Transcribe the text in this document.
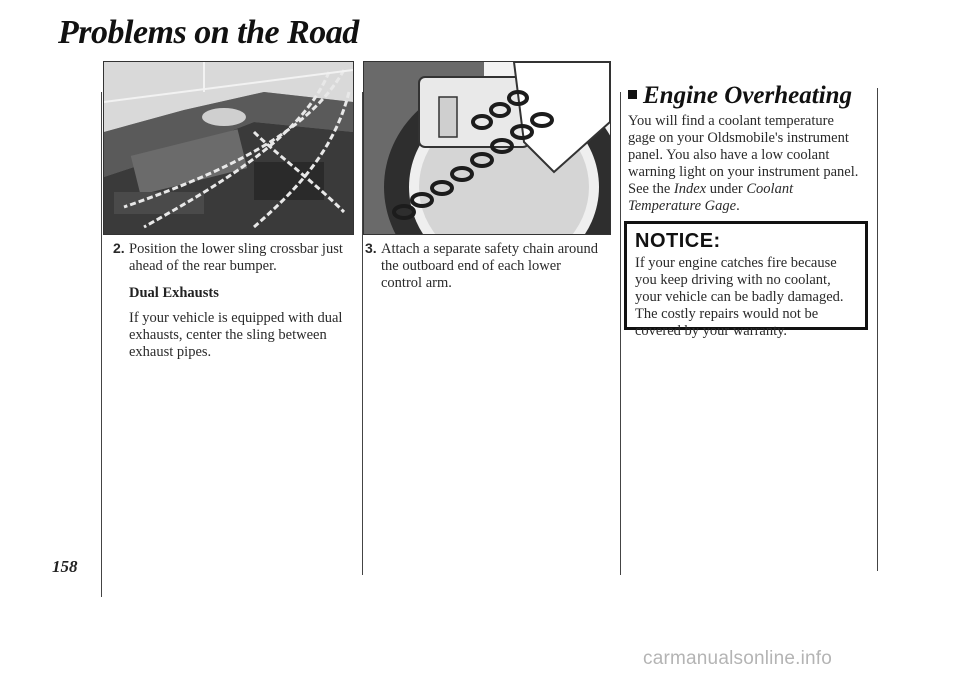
Problems on the Road
158
2. Position the lower sling crossbar just
ahead of the rear bumper.
Dual Exhausts
If your vehicle is equipped with dual
exhausts, center the sling between
exhaust pipes.
3. Attach a separate safety chain around
the outboard end of each lower
control arm.
Engine Overheating
You will find a coolant temperature
gage on your Oldsmobile's instrument
panel. You also have a low coolant
warning light on your instrument panel.
See the Index under Coolant
Temperature Gage.
NOTICE:
If your engine catches fire because
you keep driving with no coolant,
your vehicle can be badly damaged.
The costly repairs would not be
covered by your warranty.
carmanualsonline.info
